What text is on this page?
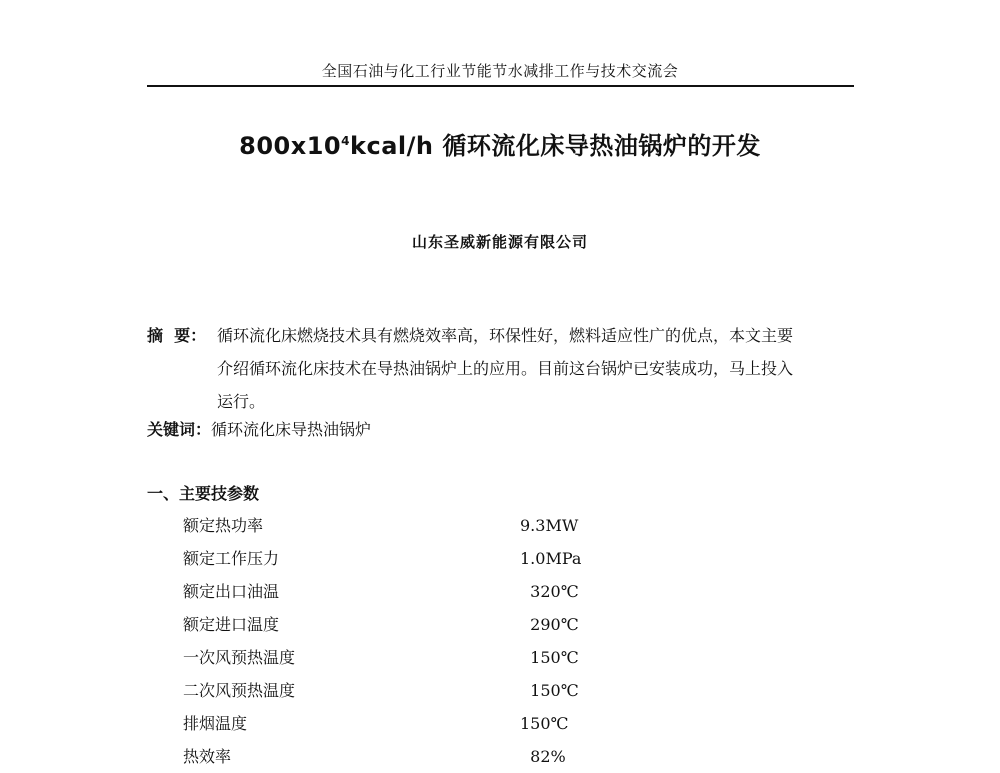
全国石油与化工行业节能节水减排工作与技术交流会
$800x10^4kcal/h$ 循环流化床导热油锅炉的开发
山东圣威新能源有限公司
摘  要： 循环流化床燃烧技术具有燃烧效率高，环保性好，燃料适应性广的优点，本文主要
介绍循环流化床技术在导热油锅炉上的应用。目前这台锅炉已安装成功，马上投入
运行。
关键词：循环流化床导热油锅炉
一、主要技参数
额定热功率	9.3MW
额定工作压力	1.0MPa
额定出口油温	320℃
额定进口温度	290℃
一次风预热温度	150℃
二次风预热温度	150℃
排烟温度	150℃
热效率	82%
